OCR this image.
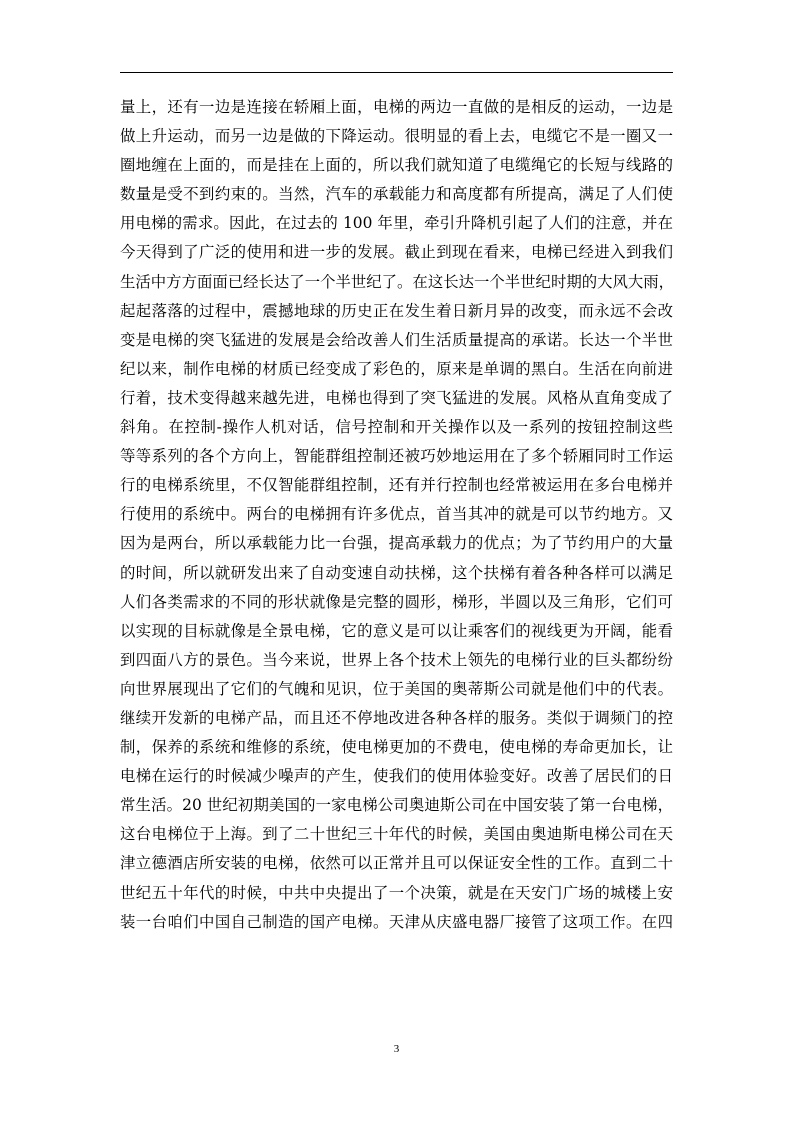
量上，还有一边是连接在轿厢上面，电梯的两边一直做的是相反的运动，一边是
做上升运动，而另一边是做的下降运动。很明显的看上去，电缆它不是一圈又一
圈地缠在上面的，而是挂在上面的，所以我们就知道了电缆绳它的长短与线路的
数量是受不到约束的。当然，汽车的承载能力和高度都有所提高，满足了人们使
用电梯的需求。因此，在过去的 100 年里，牵引升降机引起了人们的注意，并在
今天得到了广泛的使用和进一步的发展。截止到现在看来，电梯已经进入到我们
生活中方方面面已经长达了一个半世纪了。在这长达一个半世纪时期的大风大雨，
起起落落的过程中，震撼地球的历史正在发生着日新月异的改变，而永远不会改
变是电梯的突飞猛进的发展是会给改善人们生活质量提高的承诺。长达一个半世
纪以来，制作电梯的材质已经变成了彩色的，原来是单调的黑白。生活在向前进
行着，技术变得越来越先进，电梯也得到了突飞猛进的发展。风格从直角变成了
斜角。在控制-操作人机对话，信号控制和开关操作以及一系列的按钮控制这些
等等系列的各个方向上，智能群组控制还被巧妙地运用在了多个轿厢同时工作运
行的电梯系统里，不仅智能群组控制，还有并行控制也经常被运用在多台电梯并
行使用的系统中。两台的电梯拥有许多优点，首当其冲的就是可以节约地方。又
因为是两台，所以承载能力比一台强，提高承载力的优点；为了节约用户的大量
的时间，所以就研发出来了自动变速自动扶梯，这个扶梯有着各种各样可以满足
人们各类需求的不同的形状就像是完整的圆形，梯形，半圆以及三角形，它们可
以实现的目标就像是全景电梯，它的意义是可以让乘客们的视线更为开阔，能看
到四面八方的景色。当今来说，世界上各个技术上领先的电梯行业的巨头都纷纷
向世界展现出了它们的气魄和见识，位于美国的奥蒂斯公司就是他们中的代表。
继续开发新的电梯产品，而且还不停地改进各种各样的服务。类似于调频门的控
制，保养的系统和维修的系统，使电梯更加的不费电，使电梯的寿命更加长，让
电梯在运行的时候减少噪声的产生，使我们的使用体验变好。改善了居民们的日
常生活。20 世纪初期美国的一家电梯公司奥迪斯公司在中国安装了第一台电梯，
这台电梯位于上海。到了二十世纪三十年代的时候，美国由奥迪斯电梯公司在天
津立德酒店所安装的电梯，依然可以正常并且可以保证安全性的工作。直到二十
世纪五十年代的时候，中共中央提出了一个决策，就是在天安门广场的城楼上安
装一台咱们中国自己制造的国产电梯。天津从庆盛电器厂接管了这项工作。在四
3
